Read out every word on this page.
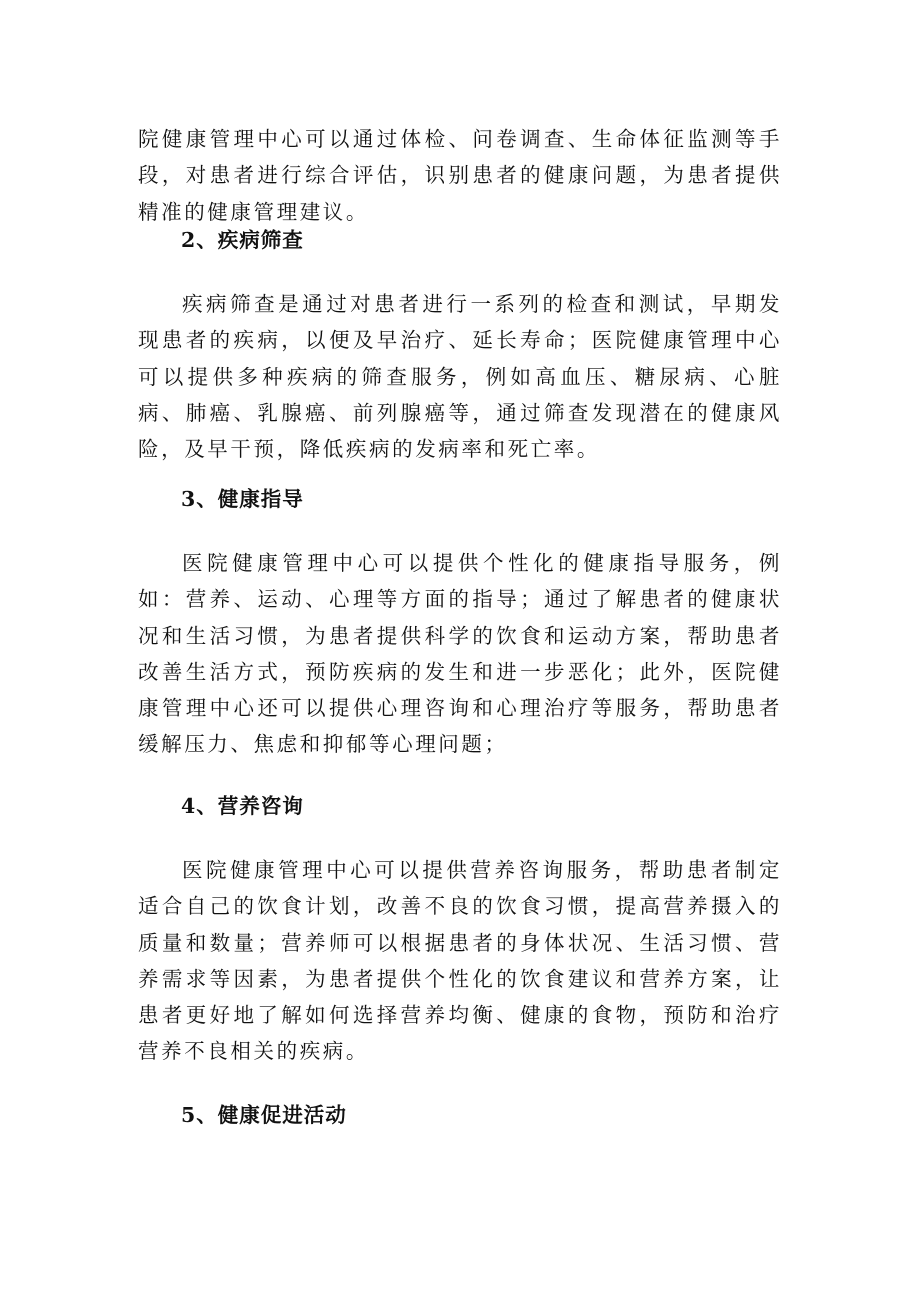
院健康管理中心可以通过体检、问卷调查、生命体征监测等手段，对患者进行综合评估，识别患者的健康问题，为患者提供精准的健康管理建议。

2、疾病筛查

疾病筛查是通过对患者进行一系列的检查和测试，早期发现患者的疾病，以便及早治疗、延长寿命；医院健康管理中心可以提供多种疾病的筛查服务，例如高血压、糖尿病、心脏病、肺癌、乳腺癌、前列腺癌等，通过筛查发现潜在的健康风险，及早干预，降低疾病的发病率和死亡率。

3、健康指导

医院健康管理中心可以提供个性化的健康指导服务，例如：营养、运动、心理等方面的指导；通过了解患者的健康状况和生活习惯，为患者提供科学的饮食和运动方案，帮助患者改善生活方式，预防疾病的发生和进一步恶化；此外，医院健康管理中心还可以提供心理咨询和心理治疗等服务，帮助患者缓解压力、焦虑和抑郁等心理问题；

4、营养咨询

医院健康管理中心可以提供营养咨询服务，帮助患者制定适合自己的饮食计划，改善不良的饮食习惯，提高营养摄入的质量和数量；营养师可以根据患者的身体状况、生活习惯、营养需求等因素，为患者提供个性化的饮食建议和营养方案，让患者更好地了解如何选择营养均衡、健康的食物，预防和治疗营养不良相关的疾病。

5、健康促进活动
